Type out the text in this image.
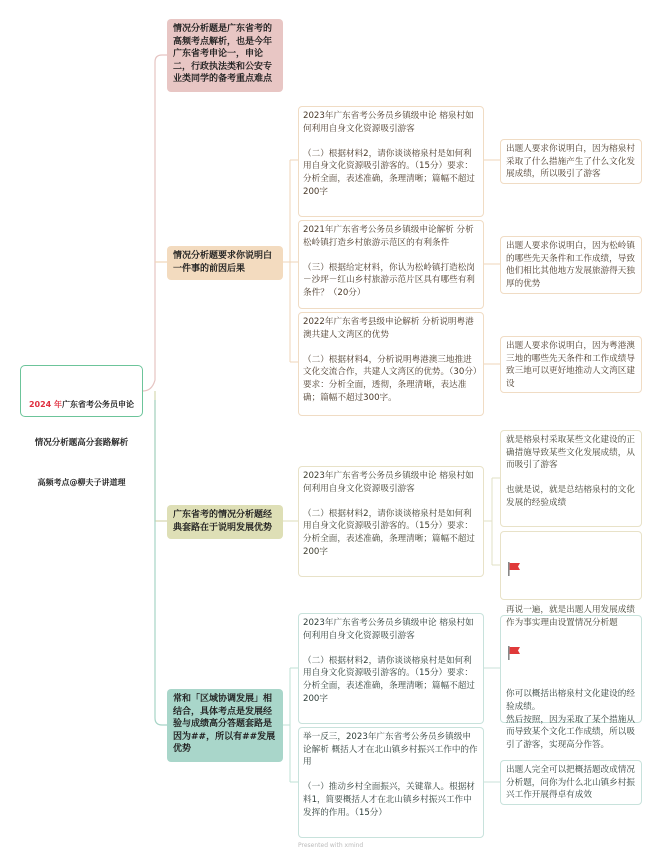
2024 年广东省考公务员申论

情况分析题高分套路解析

高频考点@柳夫子讲道理

情况分析题是广东省考的高频考点解析，也是今年广东省考申论一，申论二，行政执法类和公安专业类同学的备考重点难点
情况分析题要求你说明白一件事的前因后果
广东省考的情况分析题经典套路在于说明发展优势
常和「区域协调发展」相结合，具体考点是发展经验与成绩高分答题套路是因为##，所以有##发展优势
2023年广东省考公务员乡镇级申论 榕泉村如何利用自身文化资源吸引游客

（二）根据材料2，请你谈谈榕泉村是如何利用自身文化资源吸引游客的。（15分）要求：分析全面，表述准确，条理清晰；篇幅不超过200字
2021年广东省考公务员乡镇级申论解析 分析松岭镇打造乡村旅游示范区的有利条件

（三）根据给定材料，你认为松岭镇打造松岗－沙坪－红山乡村旅游示范片区具有哪些有利条件？（20分）
2022年广东省考县级申论解析 分析说明粤港澳共建人文湾区的优势

（二）根据材料4，分析说明粤港澳三地推进文化交流合作，共建人文湾区的优势。（30分）要求：分析全面，透彻，条理清晰，表达准确；篇幅不超过300字。
2023年广东省考公务员乡镇级申论 榕泉村如何利用自身文化资源吸引游客

（二）根据材料2，请你谈谈榕泉村是如何利用自身文化资源吸引游客的。（15分）要求：分析全面，表述准确，条理清晰；篇幅不超过200字
2023年广东省考公务员乡镇级申论 榕泉村如何利用自身文化资源吸引游客

（二）根据材料2，请你谈谈榕泉村是如何利用自身文化资源吸引游客的。（15分）要求：分析全面，表述准确，条理清晰；篇幅不超过200字
举一反三，2023年广东省考公务员乡镇级申论解析 概括人才在北山镇乡村振兴工作中的作用

（一）推动乡村全面振兴，关键靠人。根据材料1，简要概括人才在北山镇乡村振兴工作中发挥的作用。（15分）
出题人要求你说明白，因为榕泉村采取了什么措施产生了什么文化发展成绩，所以吸引了游客
出题人要求你说明白，因为松岭镇的哪些先天条件和工作成绩，导致他们相比其他地方发展旅游得天独厚的优势
出题人要求你说明白，因为粤港澳三地的哪些先天条件和工作成绩导致三地可以更好地推动人文湾区建设
就是榕泉村采取某些文化建设的正确措施导致某些文化发展成绩，从而吸引了游客

也就是说，就是总结榕泉村的文化发展的经验成绩

再说一遍，就是出题人用发展成绩作为事实理由设置情况分析题

你可以概括出榕泉村文化建设的经验成绩。
然后按照，因为采取了某个措施从而导致某个文化工作成绩，所以吸引了游客，实现高分作答。

出题人完全可以把概括题改成情况分析题，问你为什么北山镇乡村振兴工作开展得卓有成效
Presented with xmind
